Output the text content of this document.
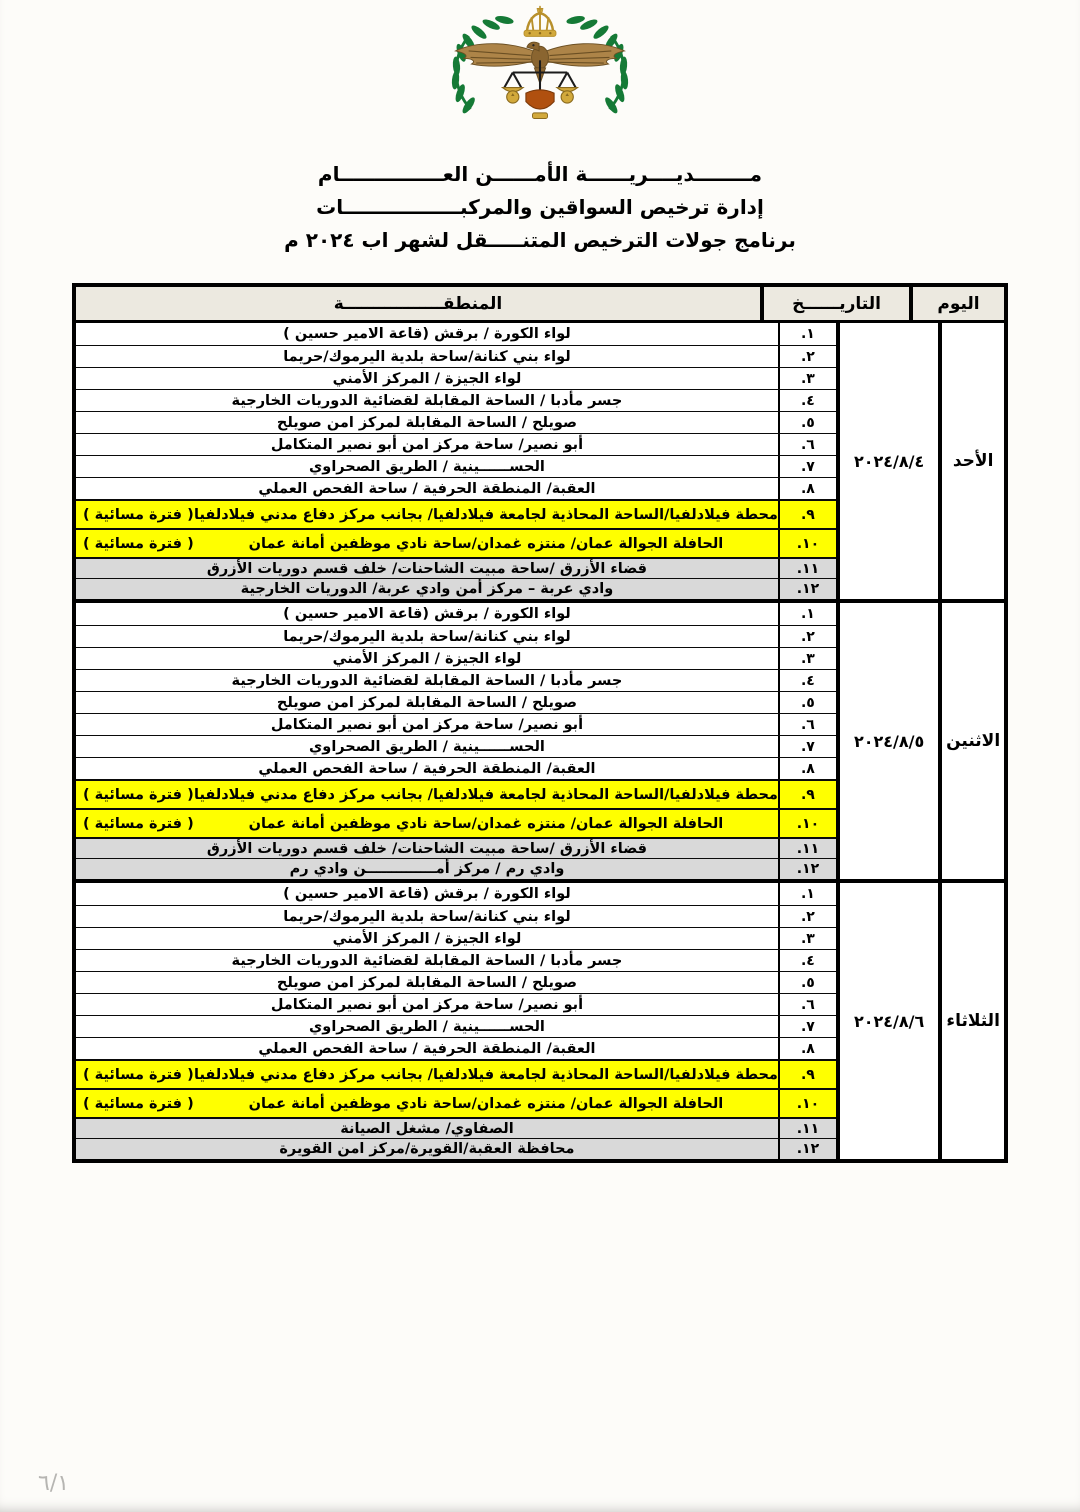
مــــــــديــــريــــــة الأمــــــن العـــــــــــــــام
إدارة ترخيص السواقين والمركبـــــــــــــــــات
برنامج جولات الترخيص المتنـــــقل لشهر اب ٢٠٢٤ م
اليوم
التاريــــــخ
المنطقـــــــــــــــــة
الأحد
٢٠٢٤/٨/٤
١.
لواء الكورة / برقش (قاعة الامير حسين )
٢.
لواء بني كنانة/ساحة بلدية اليرموك/حريما
٣.
لواء الجيزة / المركز الأمني
٤.
جسر مأدبا / الساحة المقابلة لقضائية الدوريات الخارجية
٥.
صويلح / الساحة المقابلة لمركز امن صويلح
٦.
أبو نصير/ ساحة مركز امن أبو نصير المتكامل
٧.
الحســــــينية / الطريق الصحراوي
٨.
العقبة/ المنطقة الحرفية / ساحة الفحص العملي
٩.
محطة فيلادلفيا/الساحة المحاذية لجامعة فيلادلفيا/ بجانب مركز دفاع مدني فيلادلفيا
( فترة مسائية )
١٠.
الحافلة الجوالة عمان/ منتزه غمدان/ساحة نادي موظفين أمانة عمان
( فترة مسائية )
١١.
قضاء الأزرق /ساحة مبيت الشاحنات/ خلف قسم دوريات الأزرق
١٢.
وادي عربة – مركز أمن وادي عربة/ الدوريات الخارجية
الاثنين
٢٠٢٤/٨/٥
١.
لواء الكورة / برقش (قاعة الامير حسين )
٢.
لواء بني كنانة/ساحة بلدية اليرموك/حريما
٣.
لواء الجيزة / المركز الأمني
٤.
جسر مأدبا / الساحة المقابلة لقضائية الدوريات الخارجية
٥.
صويلح / الساحة المقابلة لمركز امن صويلح
٦.
أبو نصير/ ساحة مركز امن أبو نصير المتكامل
٧.
الحســــــينية / الطريق الصحراوي
٨.
العقبة/ المنطقة الحرفية / ساحة الفحص العملي
٩.
محطة فيلادلفيا/الساحة المحاذية لجامعة فيلادلفيا/ بجانب مركز دفاع مدني فيلادلفيا
( فترة مسائية )
١٠.
الحافلة الجوالة عمان/ منتزه غمدان/ساحة نادي موظفين أمانة عمان
( فترة مسائية )
١١.
قضاء الأزرق /ساحة مبيت الشاحنات/ خلف قسم دوريات الأزرق
١٢.
وادي رم / مركز أمــــــــــــــن وادي رم
الثلاثاء
٢٠٢٤/٨/٦
١.
لواء الكورة / برقش (قاعة الامير حسين )
٢.
لواء بني كنانة/ساحة بلدية اليرموك/حريما
٣.
لواء الجيزة / المركز الأمني
٤.
جسر مأدبا / الساحة المقابلة لقضائية الدوريات الخارجية
٥.
صويلح / الساحة المقابلة لمركز امن صويلح
٦.
أبو نصير/ ساحة مركز امن أبو نصير المتكامل
٧.
الحســــــينية / الطريق الصحراوي
٨.
العقبة/ المنطقة الحرفية / ساحة الفحص العملي
٩.
محطة فيلادلفيا/الساحة المحاذية لجامعة فيلادلفيا/ بجانب مركز دفاع مدني فيلادلفيا
( فترة مسائية )
١٠.
الحافلة الجوالة عمان/ منتزه غمدان/ساحة نادي موظفين أمانة عمان
( فترة مسائية )
١١.
الصفاوي/ مشغل الصيانة
١٢.
محافظة العقبة/القويرة/مركز امن القويرة
٦/١
